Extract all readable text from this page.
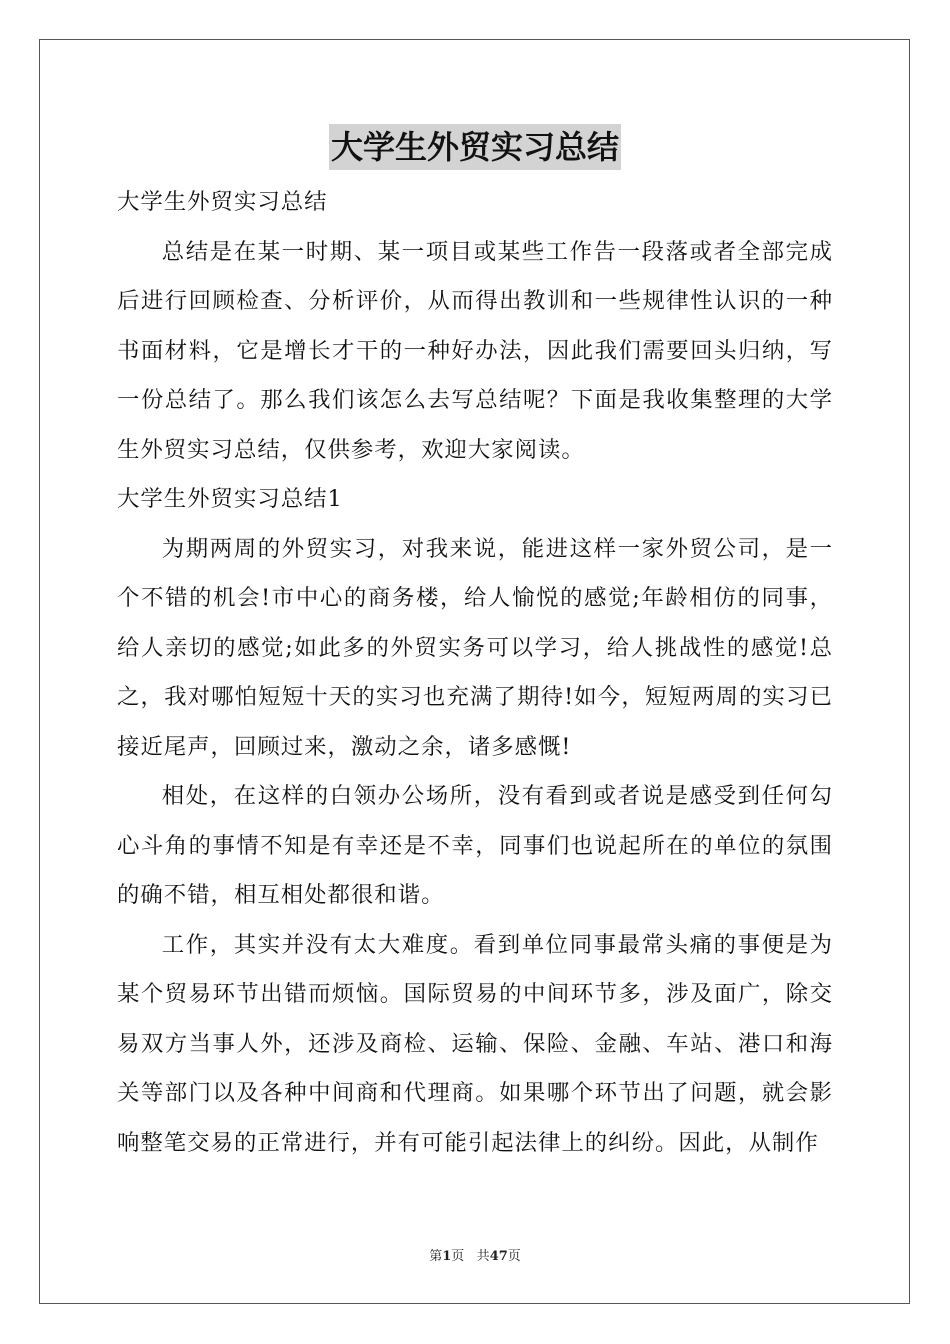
大学生外贸实习总结

大学生外贸实习总结

总结是在某一时期、某一项目或某些工作告一段落或者全部完成后进行回顾检查、分析评价，从而得出教训和一些规律性认识的一种书面材料，它是增长才干的一种好办法，因此我们需要回头归纳，写一份总结了。那么我们该怎么去写总结呢？下面是我收集整理的大学生外贸实习总结，仅供参考，欢迎大家阅读。

大学生外贸实习总结1

为期两周的外贸实习，对我来说，能进这样一家外贸公司，是一个不错的机会!市中心的商务楼，给人愉悦的感觉;年龄相仿的同事，给人亲切的感觉;如此多的外贸实务可以学习，给人挑战性的感觉!总之，我对哪怕短短十天的实习也充满了期待!如今，短短两周的实习已接近尾声，回顾过来，激动之余，诸多感慨!

相处，在这样的白领办公场所，没有看到或者说是感受到任何勾心斗角的事情不知是有幸还是不幸，同事们也说起所在的单位的氛围的确不错，相互相处都很和谐。

工作，其实并没有太大难度。看到单位同事最常头痛的事便是为某个贸易环节出错而烦恼。国际贸易的中间环节多，涉及面广，除交易双方当事人外，还涉及商检、运输、保险、金融、车站、港口和海关等部门以及各种中间商和代理商。如果哪个环节出了问题，就会影响整笔交易的正常进行，并有可能引起法律上的纠纷。因此，从制作

第1页 共47页
